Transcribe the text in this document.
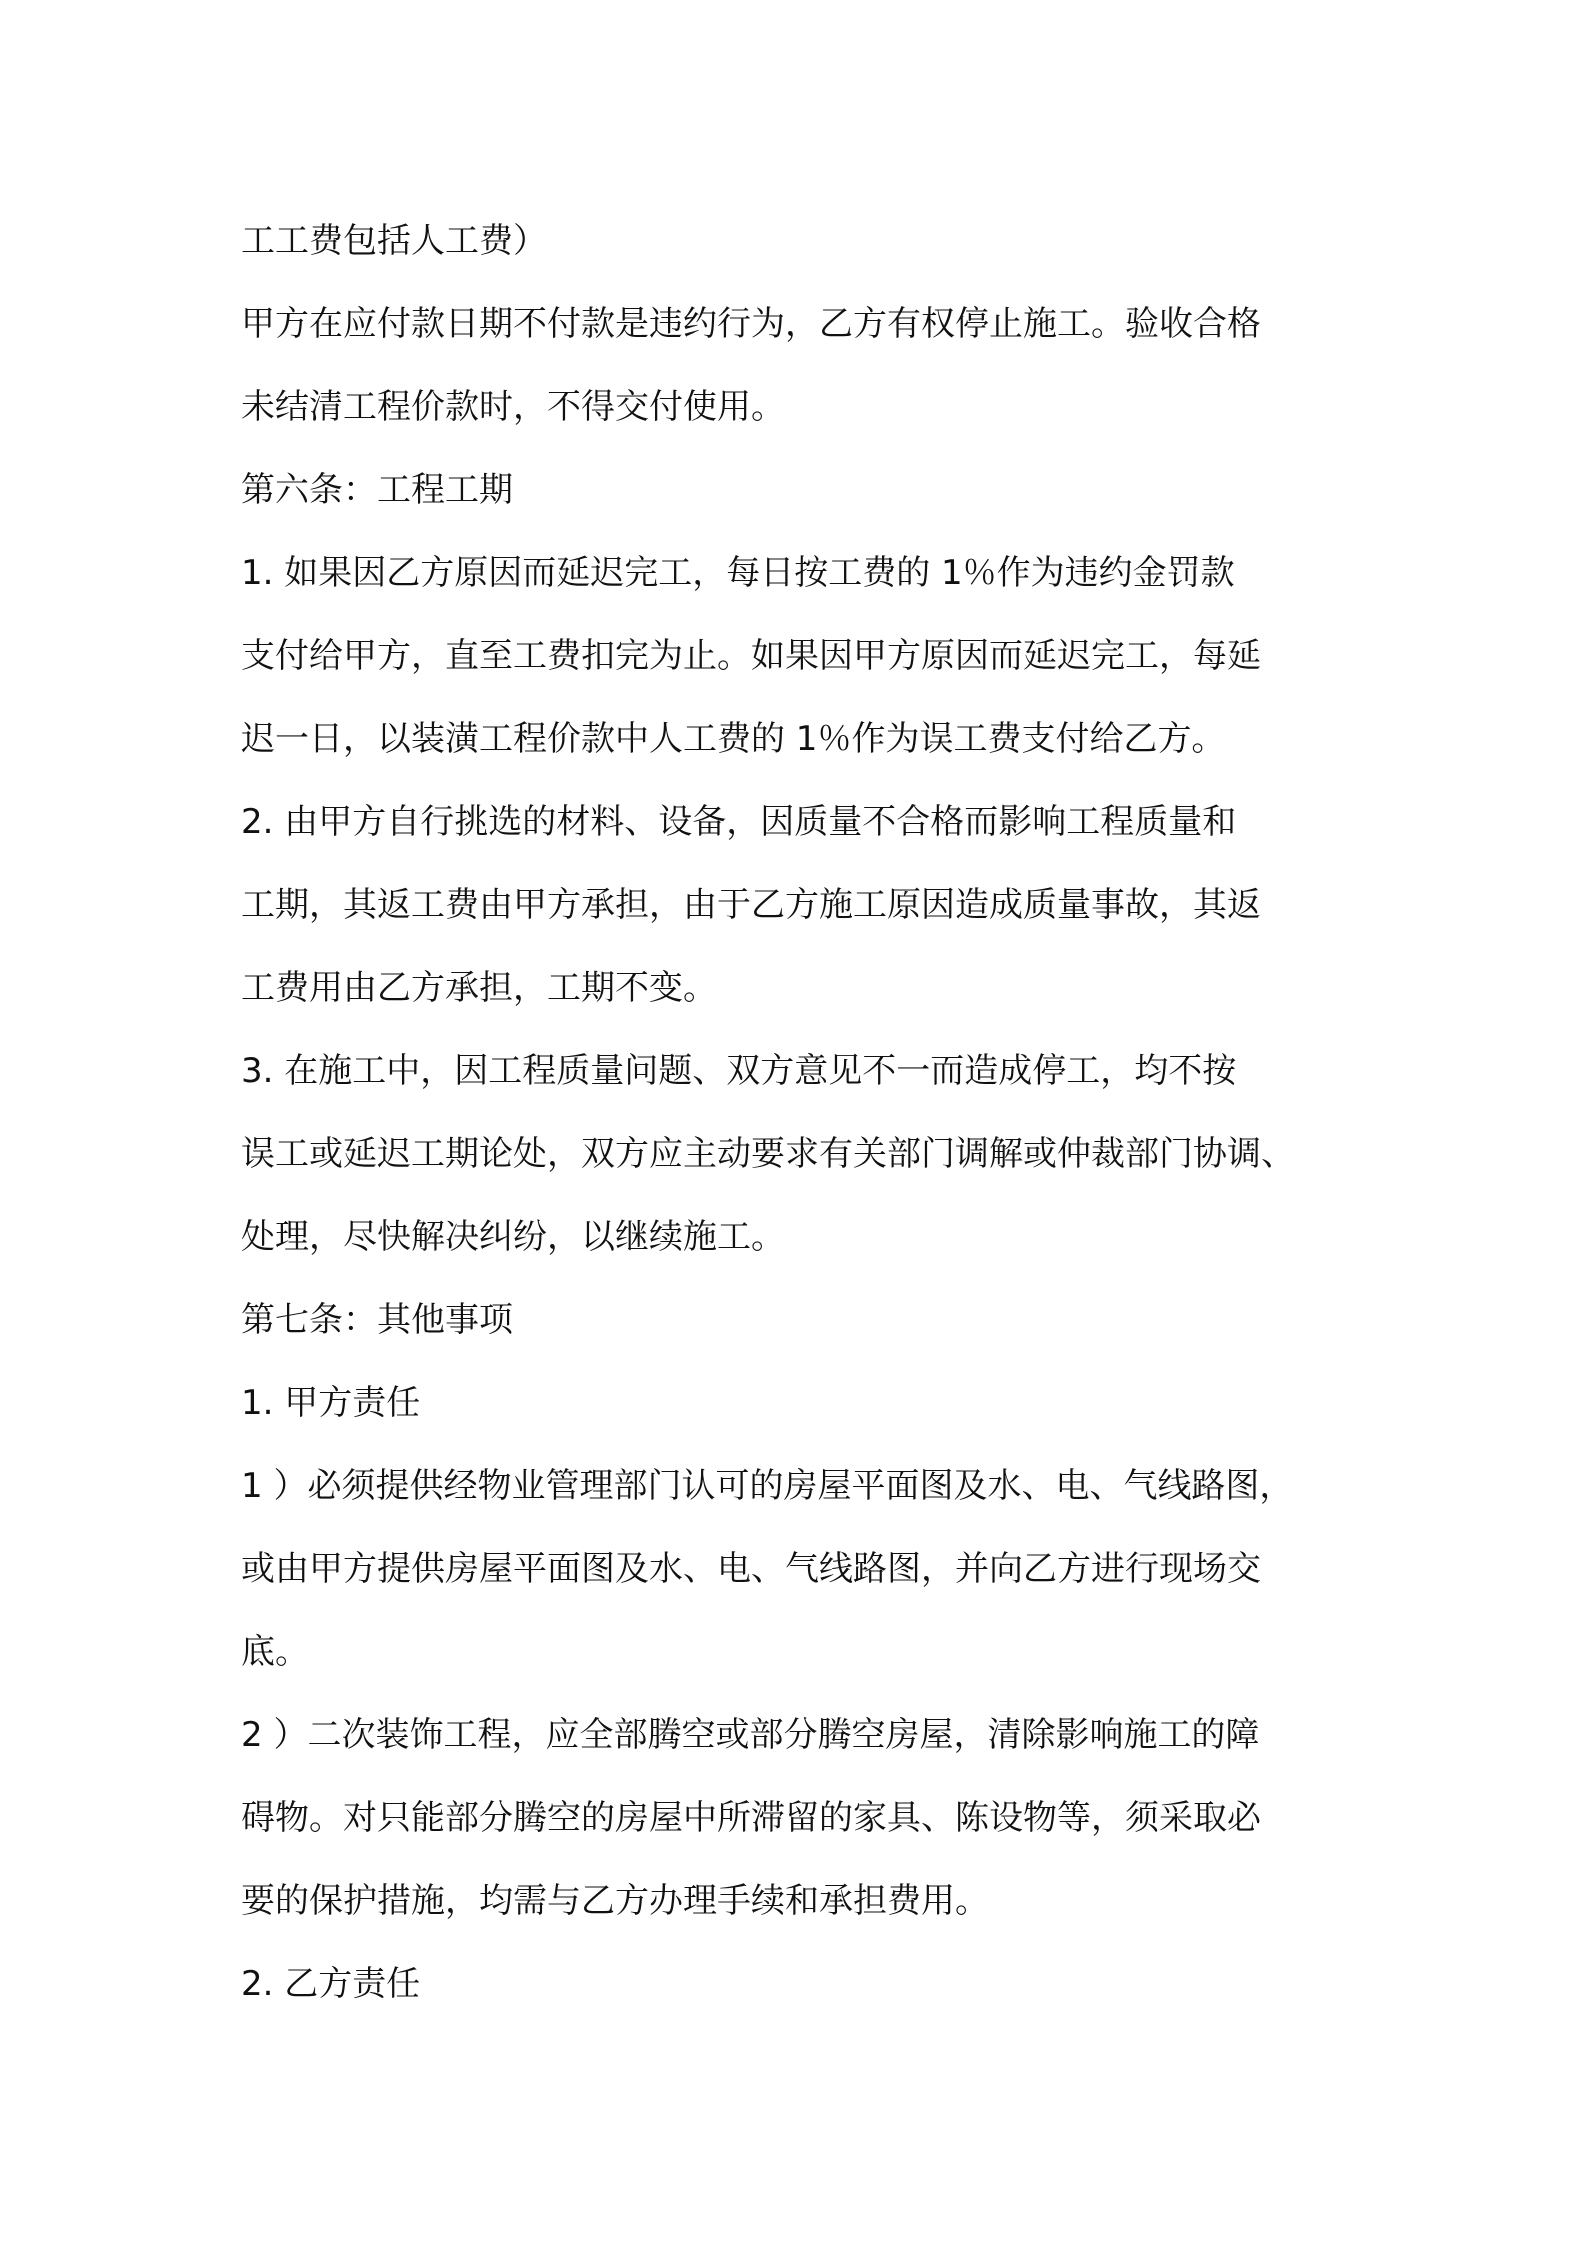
工工费包括人工费）
甲方在应付款日期不付款是违约行为，乙方有权停止施工。验收合格
未结清工程价款时，不得交付使用。
第六条：工程工期
1. 如果因乙方原因而延迟完工，每日按工费的 1％作为违约金罚款
支付给甲方，直至工费扣完为止。如果因甲方原因而延迟完工，每延
迟一日，以装潢工程价款中人工费的 1％作为误工费支付给乙方。
2. 由甲方自行挑选的材料、设备，因质量不合格而影响工程质量和
工期，其返工费由甲方承担，由于乙方施工原因造成质量事故，其返
工费用由乙方承担，工期不变。
3. 在施工中，因工程质量问题、双方意见不一而造成停工，均不按
误工或延迟工期论处，双方应主动要求有关部门调解或仲裁部门协调、
处理，尽快解决纠纷，以继续施工。
第七条：其他事项
1. 甲方责任
1 ）必须提供经物业管理部门认可的房屋平面图及水、电、气线路图，
或由甲方提供房屋平面图及水、电、气线路图，并向乙方进行现场交
底。
2 ）二次装饰工程，应全部腾空或部分腾空房屋，清除影响施工的障
碍物。对只能部分腾空的房屋中所滞留的家具、陈设物等，须采取必
要的保护措施，均需与乙方办理手续和承担费用。
2. 乙方责任
